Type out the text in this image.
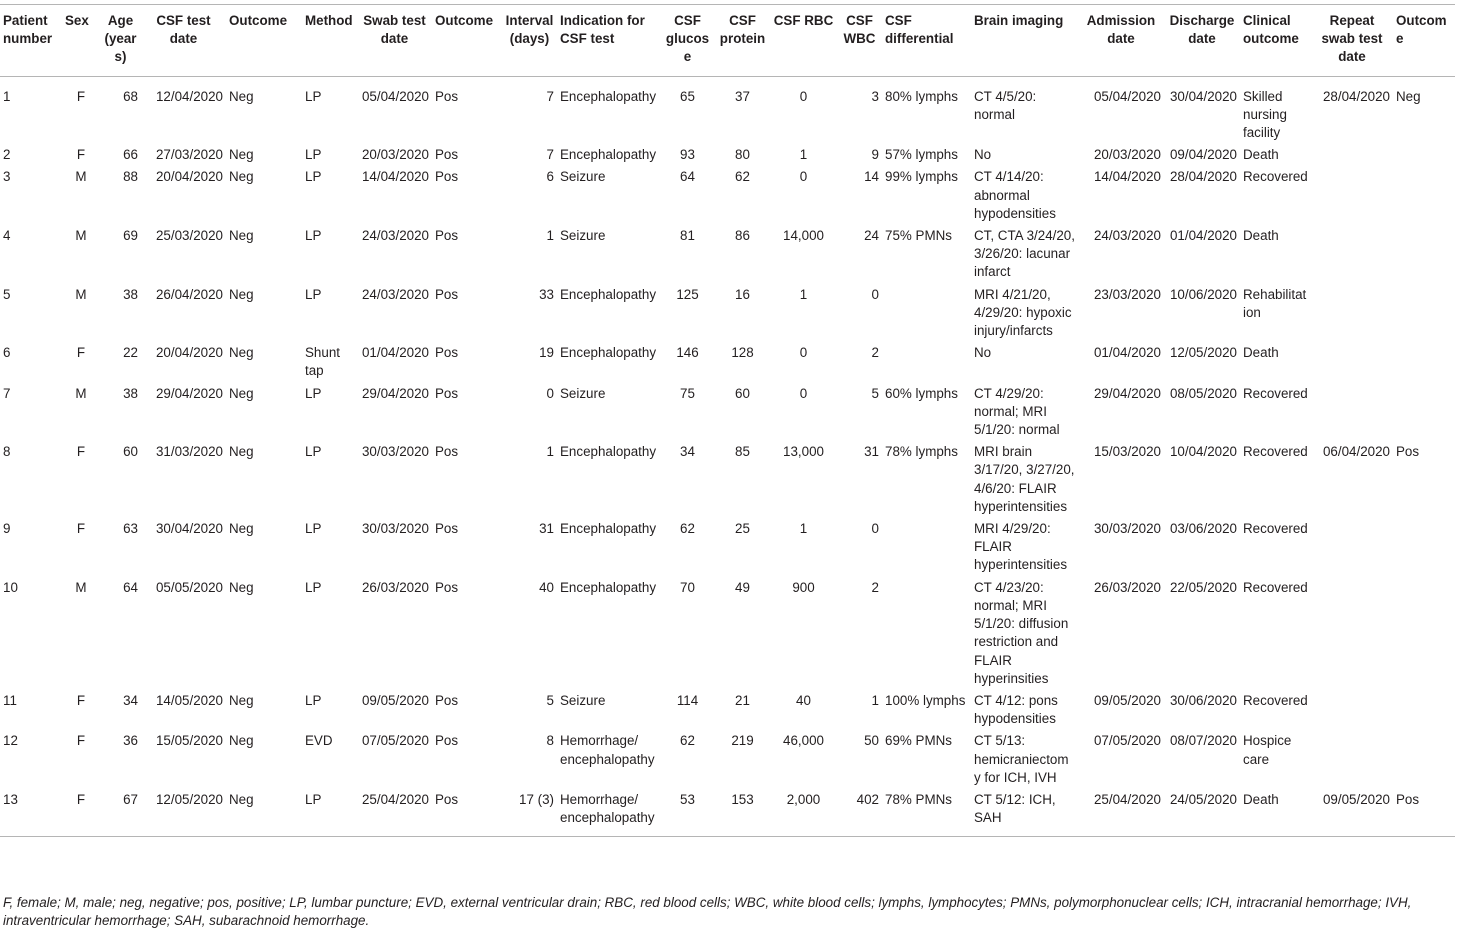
Patient number	Sex	Age (years)	CSF test date	Outcome	Method	Swab test date	Outcome	Interval (days)	Indication for CSF test	CSF glucose	CSF protein	CSF RBC	CSF WBC	CSF differential	Brain imaging	Admission date	Discharge date	Clinical outcome	Repeat swab test date	Outcome
1	F	68	12/04/2020	Neg	LP	05/04/2020	Pos	7	Encephalopathy	65	37	0	3	80% lymphs	CT 4/5/20: normal	05/04/2020	30/04/2020	Skilled nursing facility	28/04/2020	Neg
2	F	66	27/03/2020	Neg	LP	20/03/2020	Pos	7	Encephalopathy	93	80	1	9	57% lymphs	No	20/03/2020	09/04/2020	Death		
3	M	88	20/04/2020	Neg	LP	14/04/2020	Pos	6	Seizure	64	62	0	14	99% lymphs	CT 4/14/20: abnormal hypodensities	14/04/2020	28/04/2020	Recovered		
4	M	69	25/03/2020	Neg	LP	24/03/2020	Pos	1	Seizure	81	86	14,000	24	75% PMNs	CT, CTA 3/24/20, 3/26/20: lacunar infarct	24/03/2020	01/04/2020	Death		
5	M	38	26/04/2020	Neg	LP	24/03/2020	Pos	33	Encephalopathy	125	16	1	0		MRI 4/21/20, 4/29/20: hypoxic injury/infarcts	23/03/2020	10/06/2020	Rehabilitation		
6	F	22	20/04/2020	Neg	Shunt tap	01/04/2020	Pos	19	Encephalopathy	146	128	0	2		No	01/04/2020	12/05/2020	Death		
7	M	38	29/04/2020	Neg	LP	29/04/2020	Pos	0	Seizure	75	60	0	5	60% lymphs	CT 4/29/20: normal; MRI 5/1/20: normal	29/04/2020	08/05/2020	Recovered		
8	F	60	31/03/2020	Neg	LP	30/03/2020	Pos	1	Encephalopathy	34	85	13,000	31	78% lymphs	MRI brain 3/17/20, 3/27/20, 4/6/20: FLAIR hyperintensities	15/03/2020	10/04/2020	Recovered	06/04/2020	Pos
9	F	63	30/04/2020	Neg	LP	30/03/2020	Pos	31	Encephalopathy	62	25	1	0		MRI 4/29/20: FLAIR hyperintensities	30/03/2020	03/06/2020	Recovered		
10	M	64	05/05/2020	Neg	LP	26/03/2020	Pos	40	Encephalopathy	70	49	900	2		CT 4/23/20: normal; MRI 5/1/20: diffusion restriction and FLAIR hyperinsities	26/03/2020	22/05/2020	Recovered		
11	F	34	14/05/2020	Neg	LP	09/05/2020	Pos	5	Seizure	114	21	40	1	100% lymphs	CT 4/12: pons hypodensities	09/05/2020	30/06/2020	Recovered		
12	F	36	15/05/2020	Neg	EVD	07/05/2020	Pos	8	Hemorrhage/ encephalopathy	62	219	46,000	50	69% PMNs	CT 5/13: hemicraniectomy for ICH, IVH	07/05/2020	08/07/2020	Hospice care		
13	F	67	12/05/2020	Neg	LP	25/04/2020	Pos	17 (3)	Hemorrhage/ encephalopathy	53	153	2,000	402	78% PMNs	CT 5/12: ICH, SAH	25/04/2020	24/05/2020	Death	09/05/2020	Pos
F, female; M, male; neg, negative; pos, positive; LP, lumbar puncture; EVD, external ventricular drain; RBC, red blood cells; WBC, white blood cells; lymphs, lymphocytes; PMNs, polymorphonuclear cells; ICH, intracranial hemorrhage; IVH, intraventricular hemorrhage; SAH, subarachnoid hemorrhage.
